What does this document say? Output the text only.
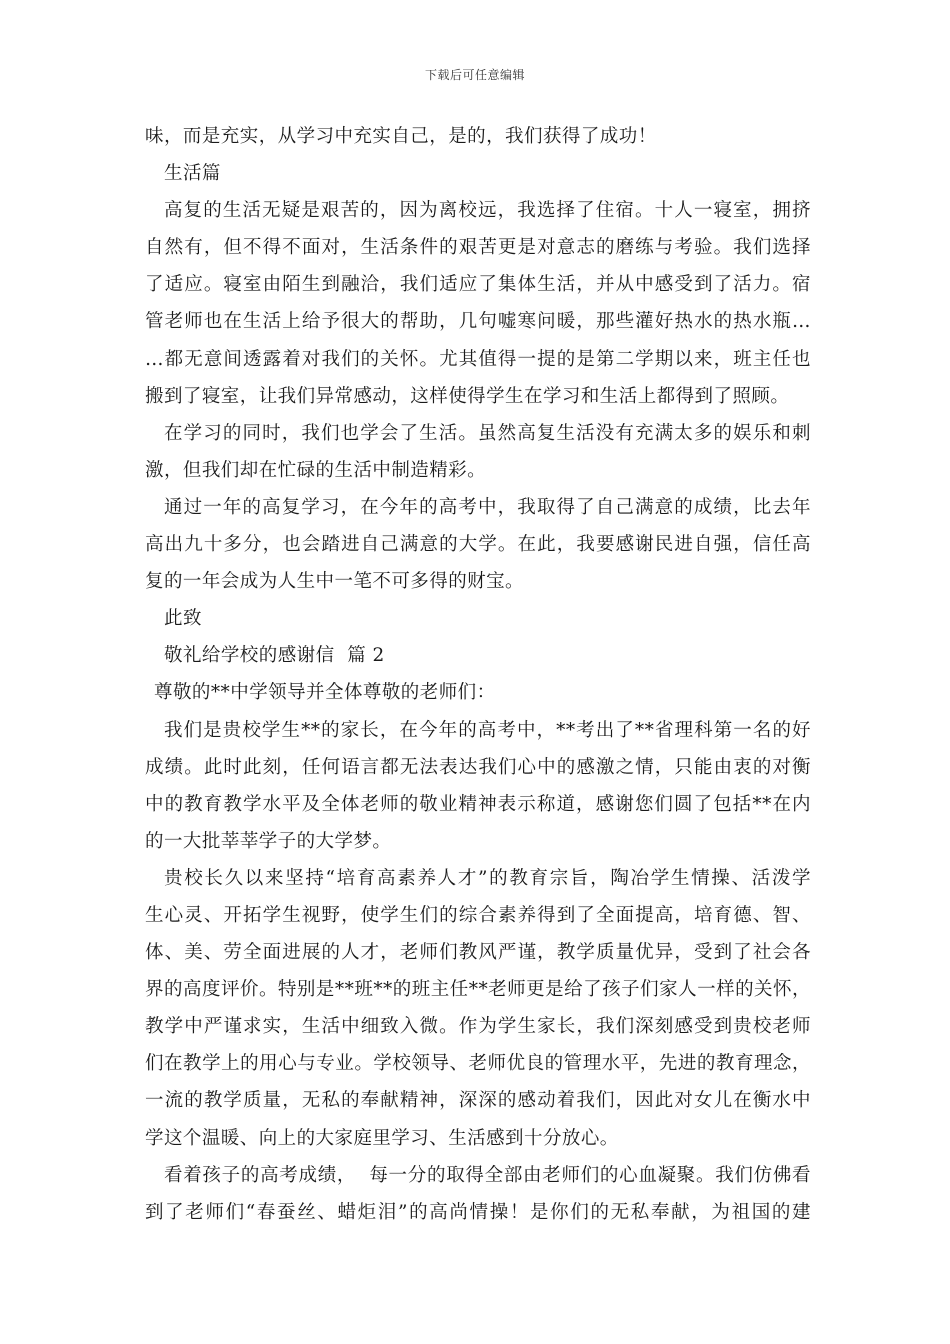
下载后可任意编辑
味，而是充实，从学习中充实自己，是的，我们获得了成功！
生活篇
高复的生活无疑是艰苦的，因为离校远，我选择了住宿。十人一寝室，拥挤
自然有，但不得不面对，生活条件的艰苦更是对意志的磨练与考验。我们选择
了适应。寝室由陌生到融洽，我们适应了集体生活，并从中感受到了活力。宿
管老师也在生活上给予很大的帮助，几句嘘寒问暖，那些灌好热水的热水瓶…
…都无意间透露着对我们的关怀。尤其值得一提的是第二学期以来，班主任也
搬到了寝室，让我们异常感动，这样使得学生在学习和生活上都得到了照顾。
在学习的同时，我们也学会了生活。虽然高复生活没有充满太多的娱乐和刺
激，但我们却在忙碌的生活中制造精彩。
通过一年的高复学习，在今年的高考中，我取得了自己满意的成绩，比去年
高出九十多分，也会踏进自己满意的大学。在此，我要感谢民进自强，信任高
复的一年会成为人生中一笔不可多得的财宝。
此致
敬礼给学校的感谢信  篇 2
尊敬的**中学领导并全体尊敬的老师们：
我们是贵校学生**的家长，在今年的高考中，**考出了**省理科第一名的好
成绩。此时此刻，任何语言都无法表达我们心中的感激之情，只能由衷的对衡
中的教育教学水平及全体老师的敬业精神表示称道，感谢您们圆了包括**在内
的一大批莘莘学子的大学梦。
贵校长久以来坚持“培育高素养人才”的教育宗旨，陶冶学生情操、活泼学
生心灵、开拓学生视野，使学生们的综合素养得到了全面提高，培育德、智、
体、美、劳全面进展的人才，老师们教风严谨，教学质量优异，受到了社会各
界的高度评价。特别是**班**的班主任**老师更是给了孩子们家人一样的关怀，
教学中严谨求实，生活中细致入微。作为学生家长，我们深刻感受到贵校老师
们在教学上的用心与专业。学校领导、老师优良的管理水平，先进的教育理念，
一流的教学质量，无私的奉献精神，深深的感动着我们，因此对女儿在衡水中
学这个温暖、向上的大家庭里学习、生活感到十分放心。
看着孩子的高考成绩，  每一分的取得全部由老师们的心血凝聚。我们仿佛看
到了老师们“春蚕丝、蜡炬泪”的高尚情操！是你们的无私奉献，为祖国的建
